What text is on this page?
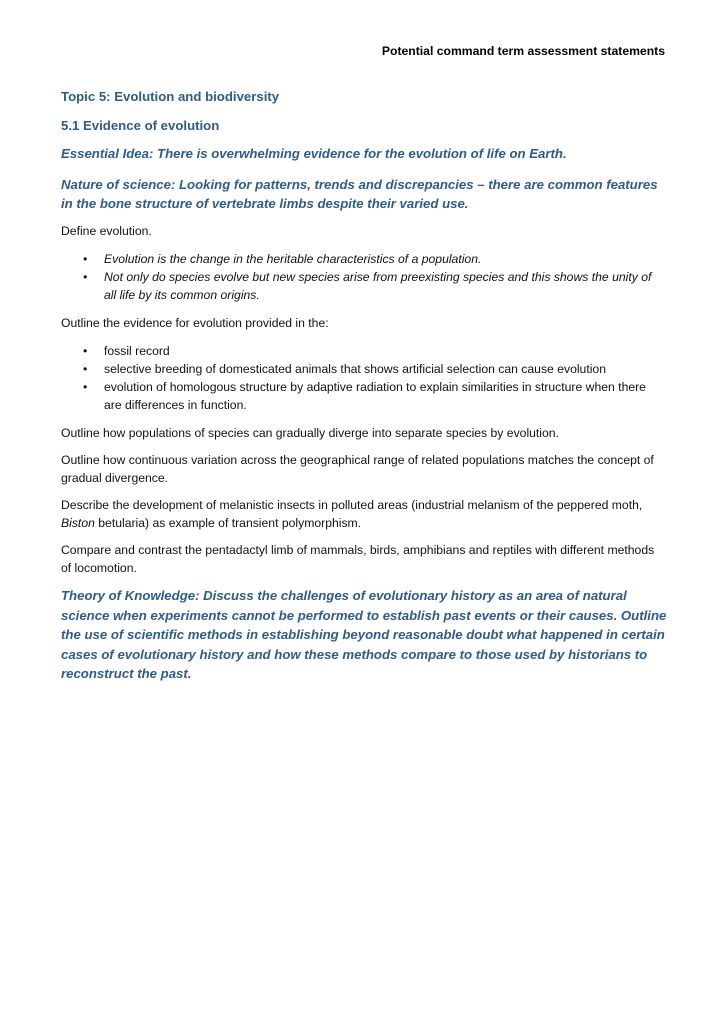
Potential command term assessment statements
Topic 5: Evolution and biodiversity
5.1 Evidence of evolution
Essential Idea: There is overwhelming evidence for the evolution of life on Earth.
Nature of science: Looking for patterns, trends and discrepancies – there are common features in the bone structure of vertebrate limbs despite their varied use.
Define evolution.
• Evolution is the change in the heritable characteristics of a population.
• Not only do species evolve but new species arise from preexisting species and this shows the unity of all life by its common origins.
Outline the evidence for evolution provided in the:
• fossil record
• selective breeding of domesticated animals that shows artificial selection can cause evolution
• evolution of homologous structure by adaptive radiation to explain similarities in structure when there are differences in function.
Outline how populations of species can gradually diverge into separate species by evolution.
Outline how continuous variation across the geographical range of related populations matches the concept of gradual divergence.
Describe the development of melanistic insects in polluted areas (industrial melanism of the peppered moth, Biston betularia) as example of transient polymorphism.
Compare and contrast the pentadactyl limb of mammals, birds, amphibians and reptiles with different methods of locomotion.
Theory of Knowledge: Discuss the challenges of evolutionary history as an area of natural science when experiments cannot be performed to establish past events or their causes. Outline the use of scientific methods in establishing beyond reasonable doubt what happened in certain cases of evolutionary history and how these methods compare to those used by historians to reconstruct the past.
